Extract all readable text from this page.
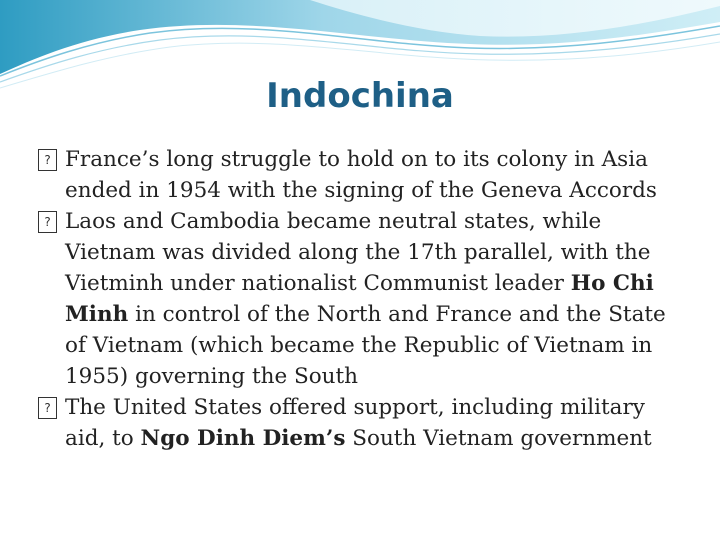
Indochina
?
France’s long struggle to hold on to its colony in Asia ended in 1954 with the signing of the Geneva Accords
?
Laos and Cambodia became neutral states, while Vietnam was divided along the 17th parallel, with the Vietminh under nationalist Communist leader Ho Chi Minh in control of the North and France and the State of Vietnam (which became the Republic of Vietnam in 1955) governing the South
?
The United States offered support, including military aid, to Ngo Dinh Diem’s South Vietnam government
